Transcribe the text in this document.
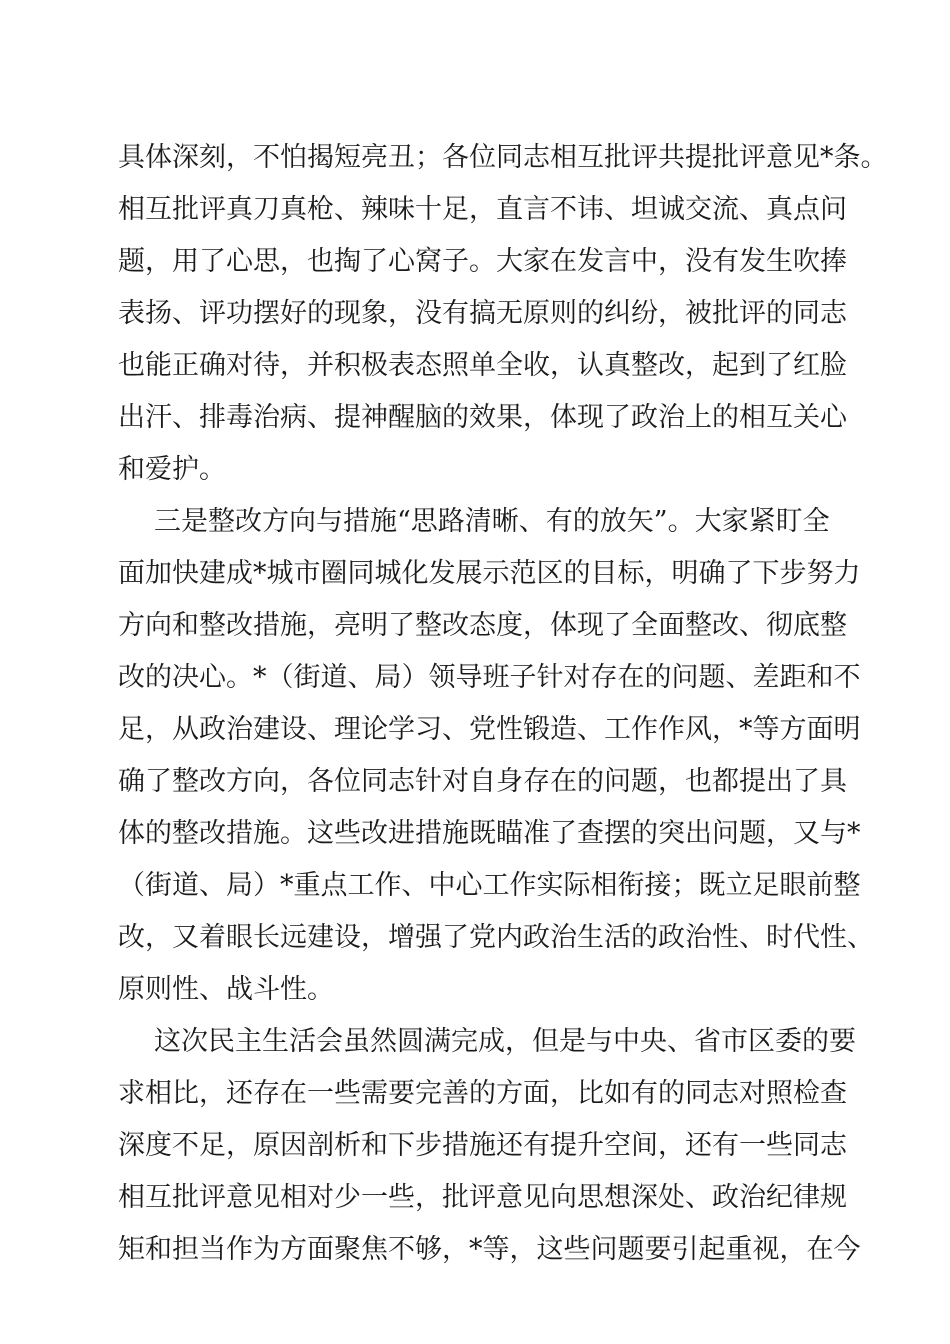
具体深刻，不怕揭短亮丑；各位同志相互批评共提批评意见*条。
相互批评真刀真枪、辣味十足，直言不讳、坦诚交流、真点问
题，用了心思，也掏了心窝子。大家在发言中，没有发生吹捧
表扬、评功摆好的现象，没有搞无原则的纠纷，被批评的同志
也能正确对待，并积极表态照单全收，认真整改，起到了红脸
出汗、排毒治病、提神醒脑的效果，体现了政治上的相互关心
和爱护。
三是整改方向与措施“思路清晰、有的放矢”。大家紧盯全
面加快建成*城市圈同城化发展示范区的目标，明确了下步努力
方向和整改措施，亮明了整改态度，体现了全面整改、彻底整
改的决心。*（街道、局）领导班子针对存在的问题、差距和不
足，从政治建设、理论学习、党性锻造、工作作风，*等方面明
确了整改方向，各位同志针对自身存在的问题，也都提出了具
体的整改措施。这些改进措施既瞄准了查摆的突出问题，又与*
（街道、局）*重点工作、中心工作实际相衔接；既立足眼前整
改，又着眼长远建设，增强了党内政治生活的政治性、时代性、
原则性、战斗性。
这次民主生活会虽然圆满完成，但是与中央、省市区委的要
求相比，还存在一些需要完善的方面，比如有的同志对照检查
深度不足，原因剖析和下步措施还有提升空间，还有一些同志
相互批评意见相对少一些，批评意见向思想深处、政治纪律规
矩和担当作为方面聚焦不够，*等，这些问题要引起重视，在今
